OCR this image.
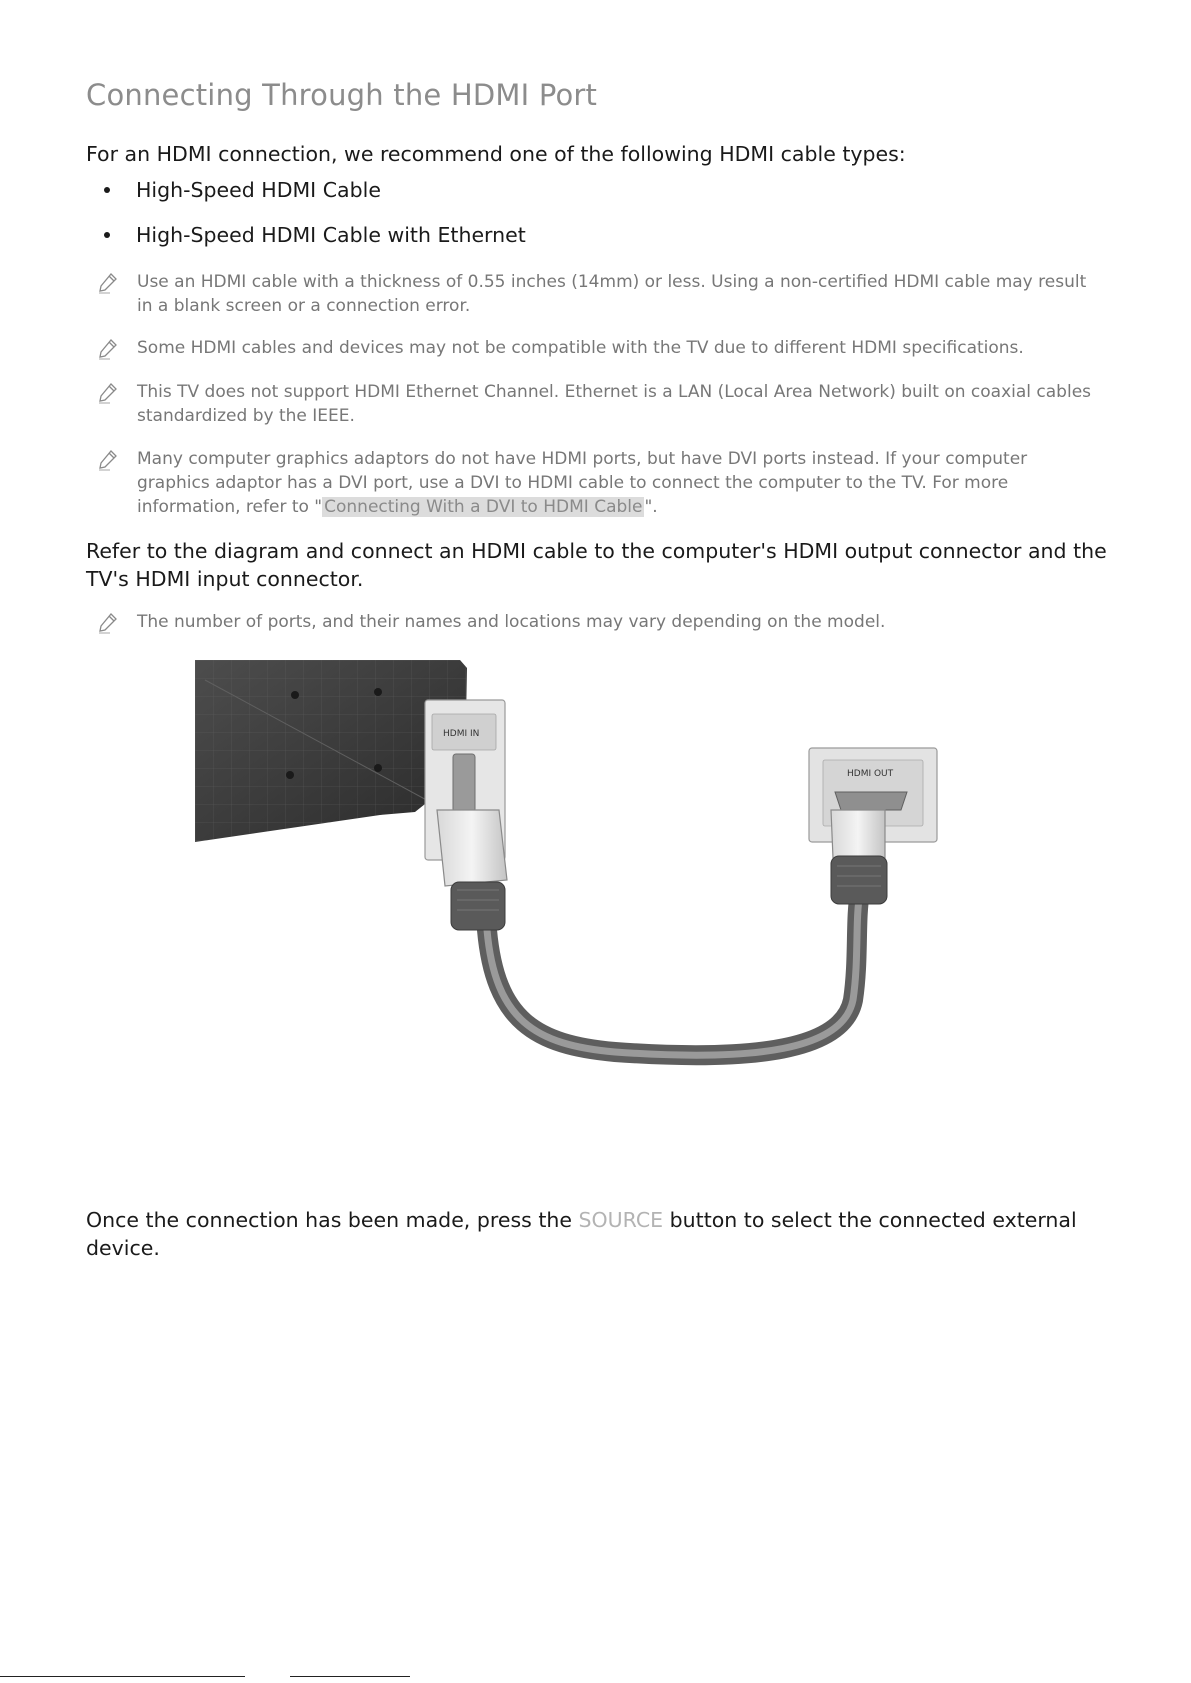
Connecting Through the HDMI Port

For an HDMI connection, we recommend one of the following HDMI cable types:

High-Speed HDMI Cable
High-Speed HDMI Cable with Ethernet
Use an HDMI cable with a thickness of 0.55 inches (14mm) or less. Using a non-certified HDMI cable may result in a blank screen or a connection error.
Some HDMI cables and devices may not be compatible with the TV due to different HDMI specifications.
This TV does not support HDMI Ethernet Channel. Ethernet is a LAN (Local Area Network) built on coaxial cables standardized by the IEEE.
Many computer graphics adaptors do not have HDMI ports, but have DVI ports instead. If your computer graphics adaptor has a DVI port, use a DVI to HDMI cable to connect the computer to the TV. For more information, refer to " Connecting With a DVI to HDMI Cable ".

Refer to the diagram and connect an HDMI cable to the computer's HDMI output connector and the TV's HDMI input connector.

The number of ports, and their names and locations may vary depending on the model.
HDMI IN
HDMI OUT

Once the connection has been made, press the SOURCE button to select the connected external device.
